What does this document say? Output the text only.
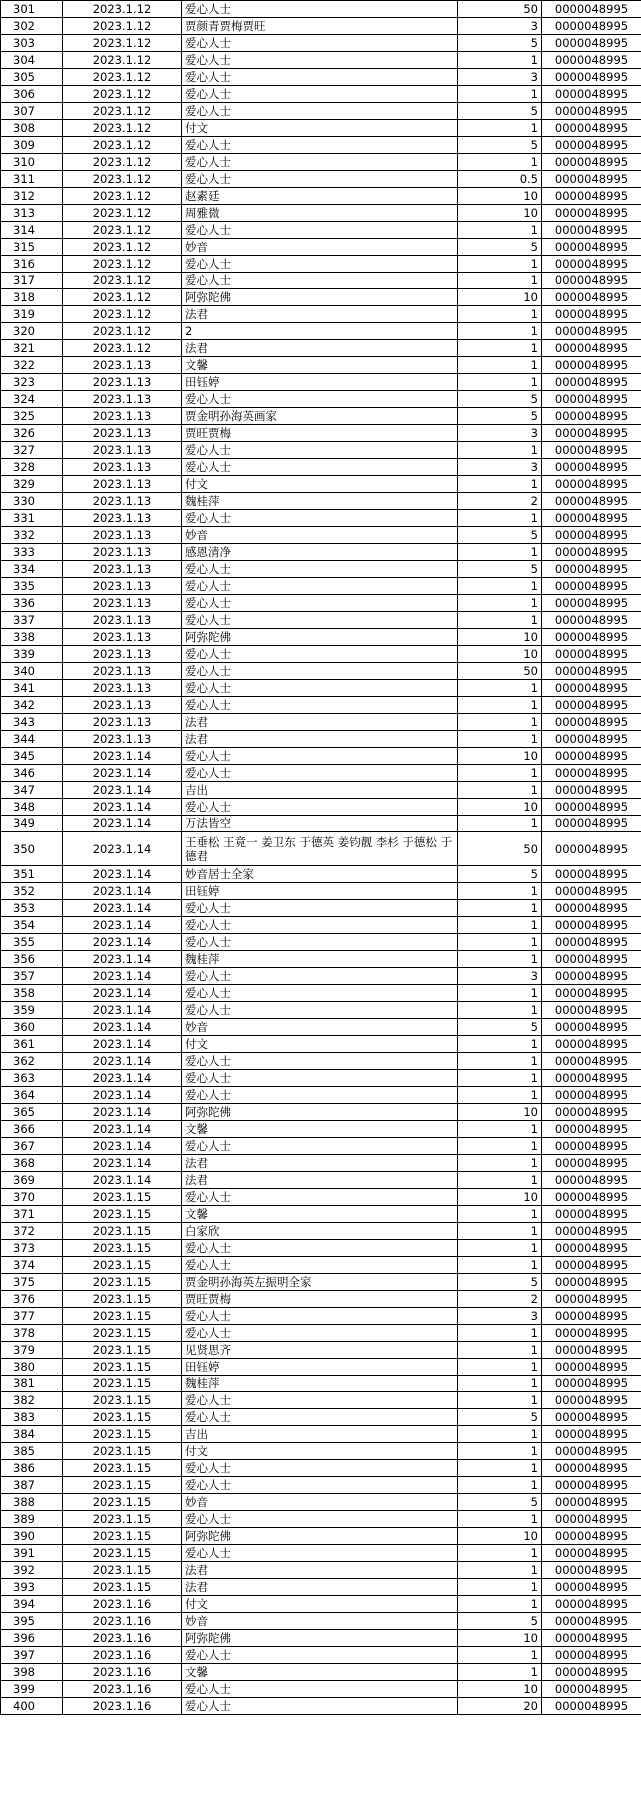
301	2023.1.12	爱心人士	50	0000048995
302	2023.1.12	贾颜青贾梅贾旺	3	0000048995
303	2023.1.12	爱心人士	5	0000048995
304	2023.1.12	爱心人士	1	0000048995
305	2023.1.12	爱心人士	3	0000048995
306	2023.1.12	爱心人士	1	0000048995
307	2023.1.12	爱心人士	5	0000048995
308	2023.1.12	付文	1	0000048995
309	2023.1.12	爱心人士	5	0000048995
310	2023.1.12	爱心人士	1	0000048995
311	2023.1.12	爱心人士	0.5	0000048995
312	2023.1.12	赵素廷	10	0000048995
313	2023.1.12	周雅微	10	0000048995
314	2023.1.12	爱心人士	1	0000048995
315	2023.1.12	妙音	5	0000048995
316	2023.1.12	爱心人士	1	0000048995
317	2023.1.12	爱心人士	1	0000048995
318	2023.1.12	阿弥陀佛	10	0000048995
319	2023.1.12	法君	1	0000048995
320	2023.1.12	2	1	0000048995
321	2023.1.12	法君	1	0000048995
322	2023.1.13	文馨	1	0000048995
323	2023.1.13	田钰婷	1	0000048995
324	2023.1.13	爱心人士	5	0000048995
325	2023.1.13	贾金明孙海英画家	5	0000048995
326	2023.1.13	贾旺贾梅	3	0000048995
327	2023.1.13	爱心人士	1	0000048995
328	2023.1.13	爱心人士	3	0000048995
329	2023.1.13	付文	1	0000048995
330	2023.1.13	魏桂萍	2	0000048995
331	2023.1.13	爱心人士	1	0000048995
332	2023.1.13	妙音	5	0000048995
333	2023.1.13	感恩清净	1	0000048995
334	2023.1.13	爱心人士	5	0000048995
335	2023.1.13	爱心人士	1	0000048995
336	2023.1.13	爱心人士	1	0000048995
337	2023.1.13	爱心人士	1	0000048995
338	2023.1.13	阿弥陀佛	10	0000048995
339	2023.1.13	爱心人士	10	0000048995
340	2023.1.13	爱心人士	50	0000048995
341	2023.1.13	爱心人士	1	0000048995
342	2023.1.13	爱心人士	1	0000048995
343	2023.1.13	法君	1	0000048995
344	2023.1.13	法君	1	0000048995
345	2023.1.14	爱心人士	10	0000048995
346	2023.1.14	爱心人士	1	0000048995
347	2023.1.14	吉出	1	0000048995
348	2023.1.14	爱心人士	10	0000048995
349	2023.1.14	万法皆空	1	0000048995
350	2023.1.14	王垂松 王竟一 姜卫东 于德英 姜钧靓 李杉 于德松 于德君	50	0000048995
351	2023.1.14	妙音居士全家	5	0000048995
352	2023.1.14	田钰婷	1	0000048995
353	2023.1.14	爱心人士	1	0000048995
354	2023.1.14	爱心人士	1	0000048995
355	2023.1.14	爱心人士	1	0000048995
356	2023.1.14	魏桂萍	1	0000048995
357	2023.1.14	爱心人士	3	0000048995
358	2023.1.14	爱心人士	1	0000048995
359	2023.1.14	爱心人士	1	0000048995
360	2023.1.14	妙音	5	0000048995
361	2023.1.14	付文	1	0000048995
362	2023.1.14	爱心人士	1	0000048995
363	2023.1.14	爱心人士	1	0000048995
364	2023.1.14	爱心人士	1	0000048995
365	2023.1.14	阿弥陀佛	10	0000048995
366	2023.1.14	文馨	1	0000048995
367	2023.1.14	爱心人士	1	0000048995
368	2023.1.14	法君	1	0000048995
369	2023.1.14	法君	1	0000048995
370	2023.1.15	爱心人士	10	0000048995
371	2023.1.15	文馨	1	0000048995
372	2023.1.15	白家欣	1	0000048995
373	2023.1.15	爱心人士	1	0000048995
374	2023.1.15	爱心人士	1	0000048995
375	2023.1.15	贾金明孙海英左振明全家	5	0000048995
376	2023.1.15	贾旺贾梅	2	0000048995
377	2023.1.15	爱心人士	3	0000048995
378	2023.1.15	爱心人士	1	0000048995
379	2023.1.15	见贤思齐	1	0000048995
380	2023.1.15	田钰婷	1	0000048995
381	2023.1.15	魏桂萍	1	0000048995
382	2023.1.15	爱心人士	1	0000048995
383	2023.1.15	爱心人士	5	0000048995
384	2023.1.15	吉出	1	0000048995
385	2023.1.15	付文	1	0000048995
386	2023.1.15	爱心人士	1	0000048995
387	2023.1.15	爱心人士	1	0000048995
388	2023.1.15	妙音	5	0000048995
389	2023.1.15	爱心人士	1	0000048995
390	2023.1.15	阿弥陀佛	10	0000048995
391	2023.1.15	爱心人士	1	0000048995
392	2023.1.15	法君	1	0000048995
393	2023.1.15	法君	1	0000048995
394	2023.1.16	付文	1	0000048995
395	2023.1.16	妙音	5	0000048995
396	2023.1.16	阿弥陀佛	10	0000048995
397	2023.1.16	爱心人士	1	0000048995
398	2023.1.16	文馨	1	0000048995
399	2023.1.16	爱心人士	10	0000048995
400	2023.1.16	爱心人士	20	0000048995
